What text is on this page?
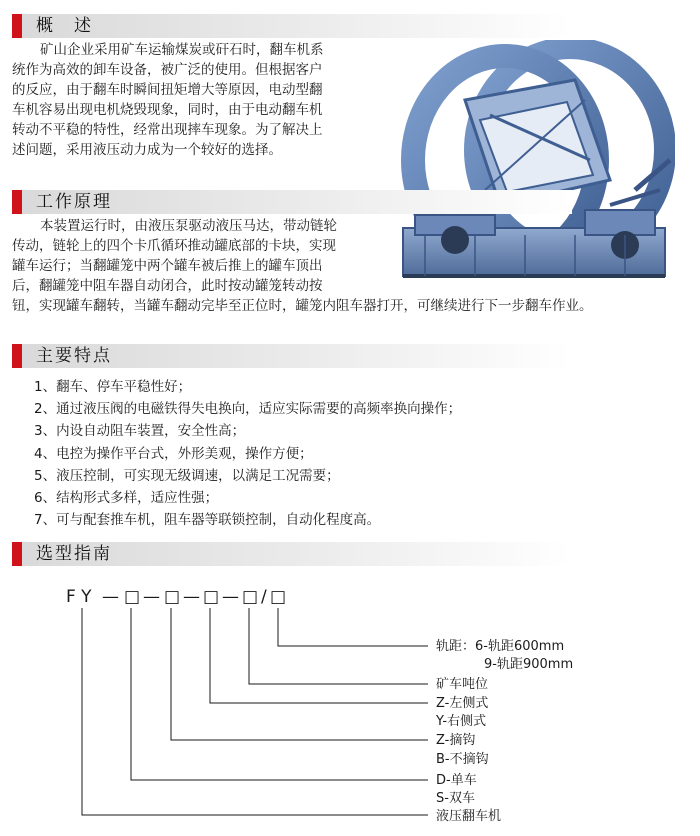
概　述
矿山企业采用矿车运输煤炭或矸石时，翻车机系
统作为高效的卸车设备，被广泛的使用。但根据客户
的反应，由于翻车时瞬间扭矩增大等原因，电动型翻
车机容易出现电机烧毁现象，同时，由于电动翻车机
转动不平稳的特性，经常出现摔车现象。为了解决上
述问题，采用液压动力成为一个较好的选择。
工作原理
本装置运行时，由液压泵驱动液压马达，带动链轮
传动，链轮上的四个卡爪循环推动罐底部的卡块，实现
罐车运行；当翻罐笼中两个罐车被后推上的罐车顶出
后，翻罐笼中阻车器自动闭合，此时按动罐笼转动按
钮，实现罐车翻转，当罐车翻动完毕至正位时，罐笼内阻车器打开，可继续进行下一步翻车作业。
主要特点
1、翻车、停车平稳性好；
2、通过液压阀的电磁铁得失电换向，适应实际需要的高频率换向操作；
3、内设自动阻车装置，安全性高；
4、电控为操作平台式，外形美观，操作方便；
5、液压控制，可实现无级调速，以满足工况需要；
6、结构形式多样，适应性强；
7、可与配套推车机，阻车器等联锁控制，自动化程度高。
选型指南
F Y — □ — □ — □ — □ / □
轨距：6-轨距600mm
9-轨距900mm
矿车吨位
Z-左侧式
Y-右侧式
Z-摘钩
B-不摘钩
D-单车
S-双车
液压翻车机
